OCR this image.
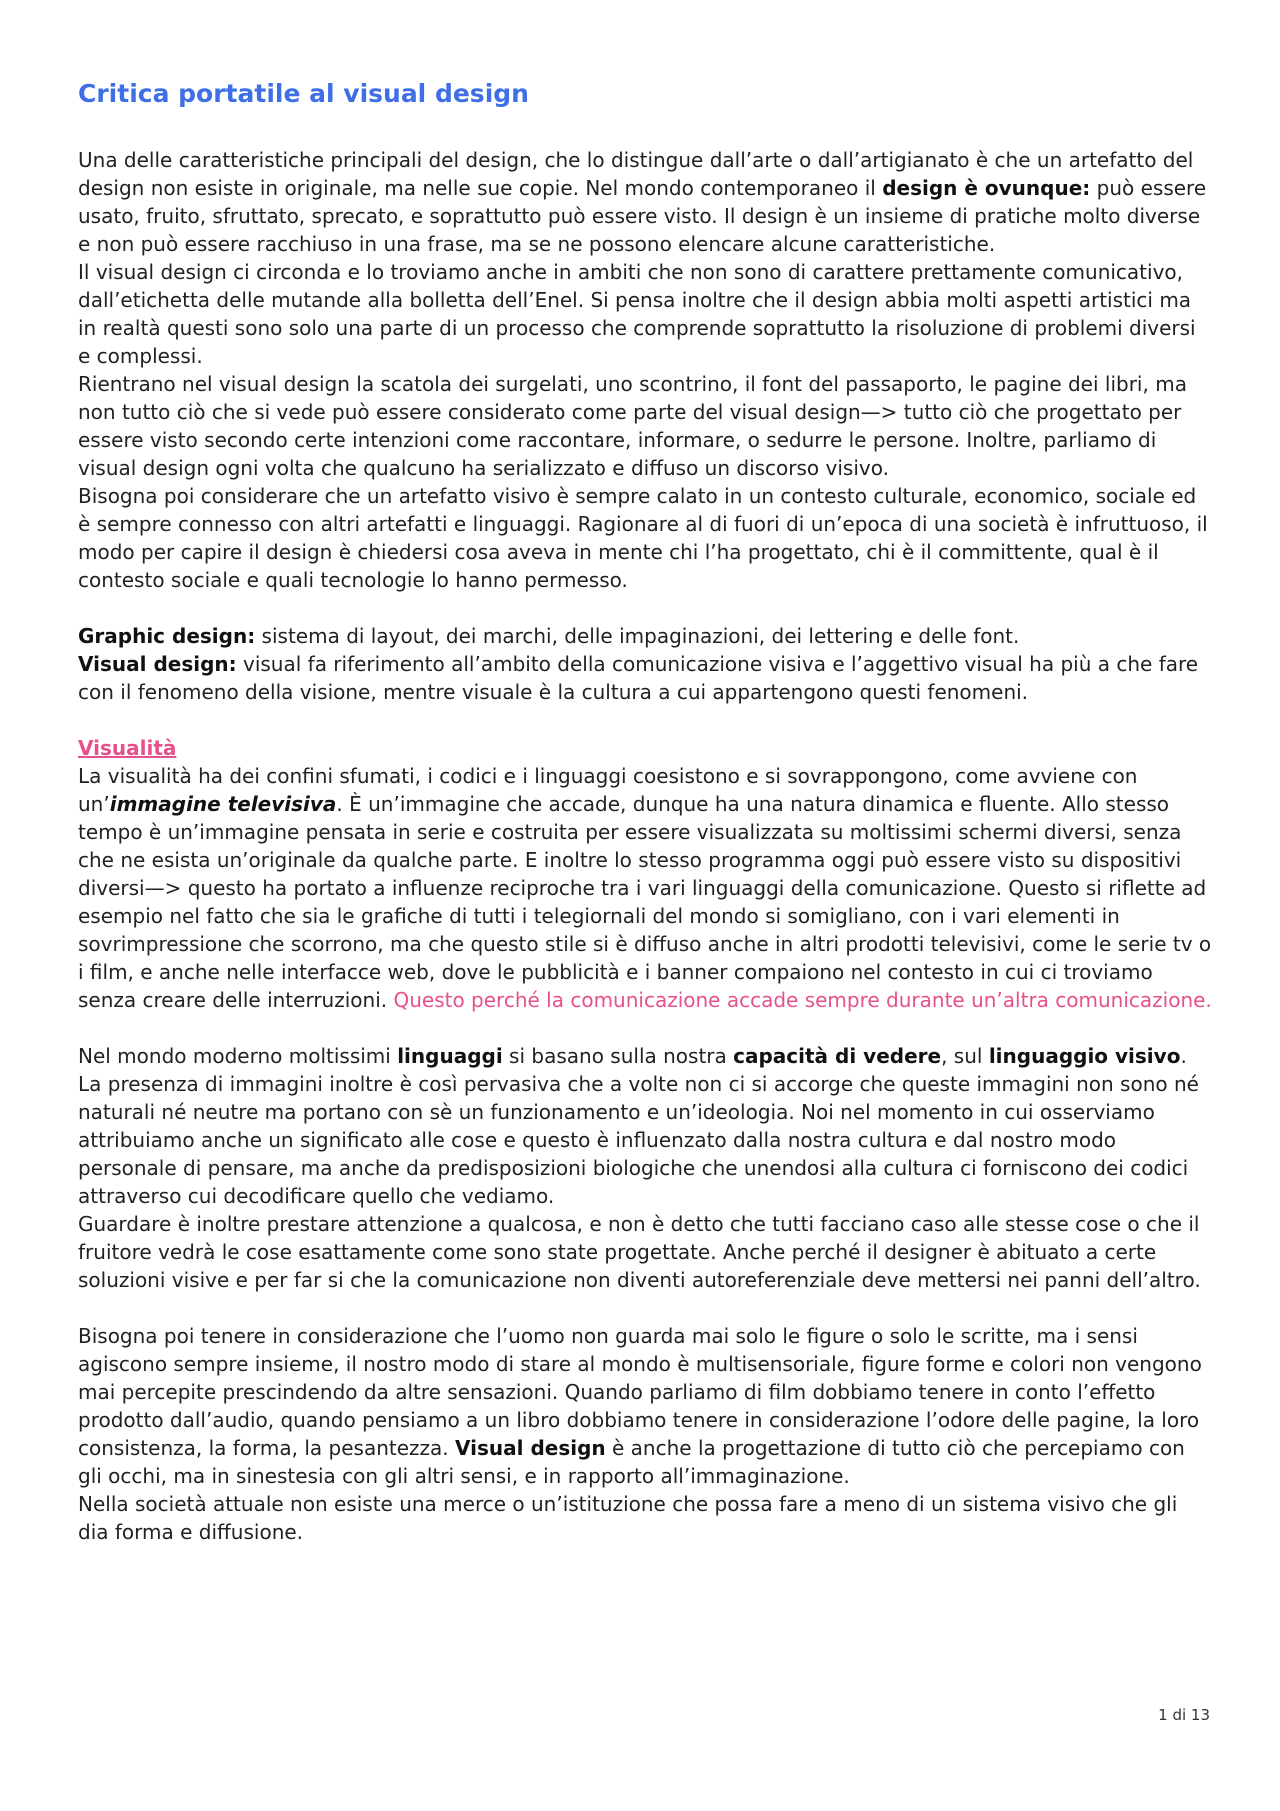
Critica portatile al visual design

Una delle caratteristiche principali del design, che lo distingue dall’arte o dall’artigianato è che un artefatto del design non esiste in originale, ma nelle sue copie. Nel mondo contemporaneo il design è ovunque: può essere usato, fruito, sfruttato, sprecato, e soprattutto può essere visto. Il design è un insieme di pratiche molto diverse e non può essere racchiuso in una frase, ma se ne possono elencare alcune caratteristiche.

Il visual design ci circonda e lo troviamo anche in ambiti che non sono di carattere prettamente comunicativo, dall’etichetta delle mutande alla bolletta dell’Enel. Si pensa inoltre che il design abbia molti aspetti artistici ma in realtà questi sono solo una parte di un processo che comprende soprattutto la risoluzione di problemi diversi e complessi.

Rientrano nel visual design la scatola dei surgelati, uno scontrino, il font del passaporto, le pagine dei libri, ma non tutto ciò che si vede può essere considerato come parte del visual design—> tutto ciò che progettato per essere visto secondo certe intenzioni come raccontare, informare, o sedurre le persone. Inoltre, parliamo di visual design ogni volta che qualcuno ha serializzato e diffuso un discorso visivo.

Bisogna poi considerare che un artefatto visivo è sempre calato in un contesto culturale, economico, sociale ed è sempre connesso con altri artefatti e linguaggi. Ragionare al di fuori di un’epoca di una società è infruttuoso, il modo per capire il design è chiedersi cosa aveva in mente chi l’ha progettato, chi è il committente, qual è il contesto sociale e quali tecnologie lo hanno permesso.

Graphic design: sistema di layout, dei marchi, delle impaginazioni, dei lettering e delle font.

Visual design: visual fa riferimento all’ambito della comunicazione visiva e l’aggettivo visual ha più a che fare con il fenomeno della visione, mentre visuale è la cultura a cui appartengono questi fenomeni.

Visualità

La visualità ha dei confini sfumati, i codici e i linguaggi coesistono e si sovrappongono, come avviene con un’immagine televisiva. È un’immagine che accade, dunque ha una natura dinamica e fluente. Allo stesso tempo è un’immagine pensata in serie e costruita per essere visualizzata su moltissimi schermi diversi, senza che ne esista un’originale da qualche parte. E inoltre lo stesso programma oggi può essere visto su dispositivi diversi—> questo ha portato a influenze reciproche tra i vari linguaggi della comunicazione. Questo si riflette ad esempio nel fatto che sia le grafiche di tutti i telegiornali del mondo si somigliano, con i vari elementi in sovrimpressione che scorrono, ma che questo stile si è diffuso anche in altri prodotti televisivi, come le serie tv o i film, e anche nelle interfacce web, dove le pubblicità e i banner compaiono nel contesto in cui ci troviamo senza creare delle interruzioni. Questo perché la comunicazione accade sempre durante un’altra comunicazione.

Nel mondo moderno moltissimi linguaggi si basano sulla nostra capacità di vedere, sul linguaggio visivo. La presenza di immagini inoltre è così pervasiva che a volte non ci si accorge che queste immagini non sono né naturali né neutre ma portano con sè un funzionamento e un’ideologia. Noi nel momento in cui osserviamo attribuiamo anche un significato alle cose e questo è influenzato dalla nostra cultura e dal nostro modo personale di pensare, ma anche da predisposizioni biologiche che unendosi alla cultura ci forniscono dei codici attraverso cui decodificare quello che vediamo.

Guardare è inoltre prestare attenzione a qualcosa, e non è detto che tutti facciano caso alle stesse cose o che il fruitore vedrà le cose esattamente come sono state progettate. Anche perché il designer è abituato a certe soluzioni visive e per far si che la comunicazione non diventi autoreferenziale deve mettersi nei panni dell’altro.

Bisogna poi tenere in considerazione che l’uomo non guarda mai solo le figure o solo le scritte, ma i sensi agiscono sempre insieme, il nostro modo di stare al mondo è multisensoriale, figure forme e colori non vengono mai percepite prescindendo da altre sensazioni. Quando parliamo di film dobbiamo tenere in conto l’effetto prodotto dall’audio, quando pensiamo a un libro dobbiamo tenere in considerazione l’odore delle pagine, la loro consistenza, la forma, la pesantezza. Visual design è anche la progettazione di tutto ciò che percepiamo con gli occhi, ma in sinestesia con gli altri sensi, e in rapporto all’immaginazione.

Nella società attuale non esiste una merce o un’istituzione che possa fare a meno di un sistema visivo che gli dia forma e diffusione.

1 di 13
